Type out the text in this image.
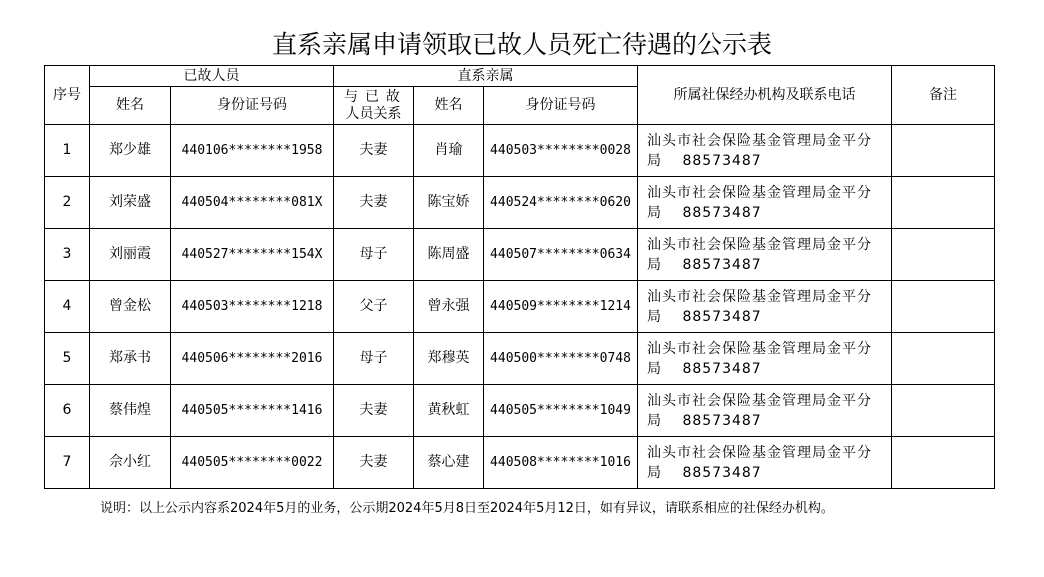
直系亲属申请领取已故人员死亡待遇的公示表
序号	已故人员		直系亲属			所属社保经办机构及联系电话	备注
	姓名	身份证号码	与已故
人员关系	姓名	身份证号码		
1	郑少雄	440106********1958	夫妻	肖瑜	440503********0028	汕头市社会保险基金管理局金平分
局　 88573487	

2	刘荣盛	440504********081X	夫妻	陈宝娇	440524********0620	汕头市社会保险基金管理局金平分
局　 88573487	

3	刘丽霞	440527********154X	母子	陈周盛	440507********0634	汕头市社会保险基金管理局金平分
局　 88573487	

4	曾金松	440503********1218	父子	曾永强	440509********1214	汕头市社会保险基金管理局金平分
局　 88573487	

5	郑承书	440506********2016	母子	郑穆英	440500********0748	汕头市社会保险基金管理局金平分
局　 88573487	

6	蔡伟煌	440505********1416	夫妻	黄秋虹	440505********1049	汕头市社会保险基金管理局金平分
局　 88573487	

7	佘小红	440505********0022	夫妻	蔡心建	440508********1016	汕头市社会保险基金管理局金平分
局　 88573487	

说明：以上公示内容系2024年5月的业务，公示期2024年5月8日至2024年5月12日，如有异议，请联系相应的社保经办机构。
